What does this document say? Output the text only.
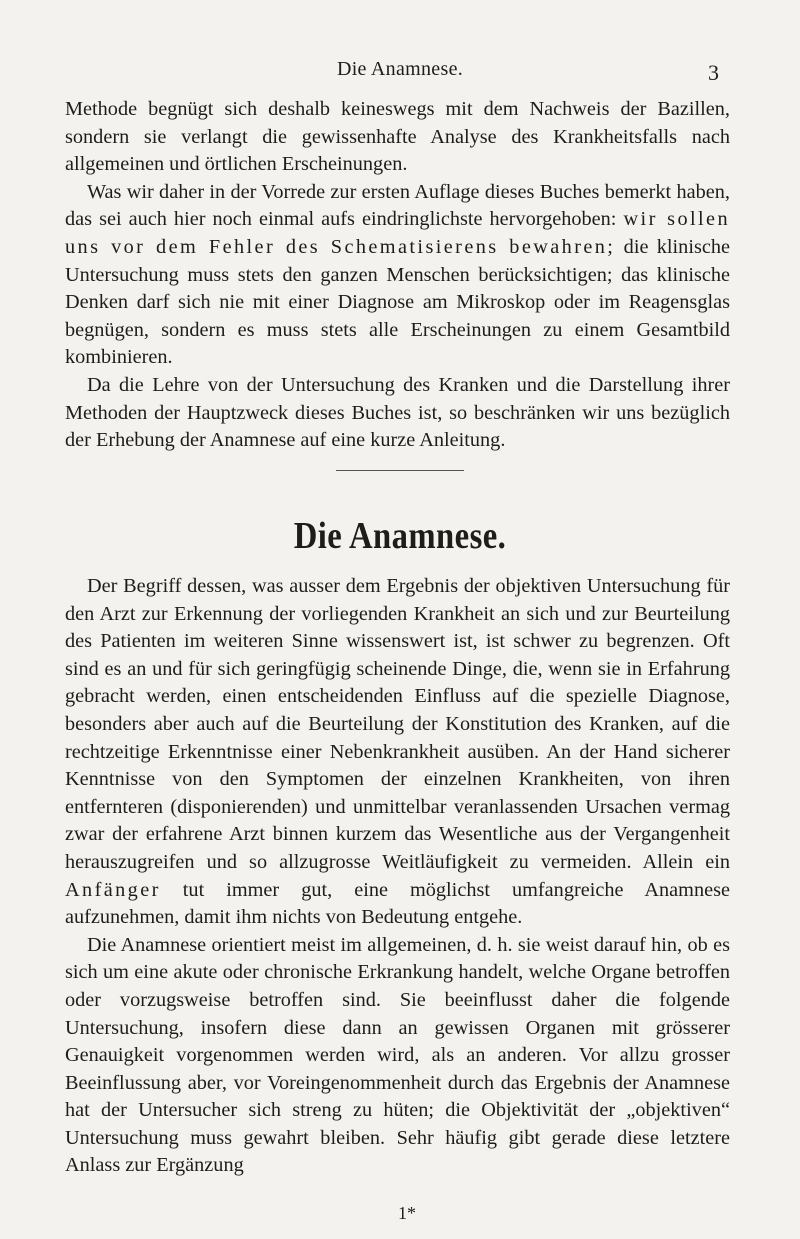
Die Anamnese.	3

Methode begnügt sich deshalb keineswegs mit dem Nachweis der Bazillen, sondern sie verlangt die gewissenhafte Analyse des Krankheitsfalls nach allgemeinen und örtlichen Erscheinungen.

Was wir daher in der Vorrede zur ersten Auflage dieses Buches bemerkt haben, das sei auch hier noch einmal aufs eindringlichste hervorgehoben: wir sollen uns vor dem Fehler des Schematisierens bewahren; die klinische Untersuchung muss stets den ganzen Menschen berücksichtigen; das klinische Denken darf sich nie mit einer Diagnose am Mikroskop oder im Reagensglas begnügen, sondern es muss stets alle Erscheinungen zu einem Gesamtbild kombinieren.

Da die Lehre von der Untersuchung des Kranken und die Darstellung ihrer Methoden der Hauptzweck dieses Buches ist, so beschränken wir uns bezüglich der Erhebung der Anamnese auf eine kurze Anleitung.

Die Anamnese.

Der Begriff dessen, was ausser dem Ergebnis der objektiven Untersuchung für den Arzt zur Erkennung der vorliegenden Krankheit an sich und zur Beurteilung des Patienten im weiteren Sinne wissenswert ist, ist schwer zu begrenzen. Oft sind es an und für sich geringfügig scheinende Dinge, die, wenn sie in Erfahrung gebracht werden, einen entscheidenden Einfluss auf die spezielle Diagnose, besonders aber auch auf die Beurteilung der Konstitution des Kranken, auf die rechtzeitige Erkenntnisse einer Nebenkrankheit ausüben. An der Hand sicherer Kenntnisse von den Symptomen der einzelnen Krankheiten, von ihren entfernteren (disponierenden) und unmittelbar veranlassenden Ursachen vermag zwar der erfahrene Arzt binnen kurzem das Wesentliche aus der Vergangenheit herauszugreifen und so allzugrosse Weitläufigkeit zu vermeiden. Allein ein Anfänger tut immer gut, eine möglichst umfangreiche Anamnese aufzunehmen, damit ihm nichts von Bedeutung entgehe.

Die Anamnese orientiert meist im allgemeinen, d. h. sie weist darauf hin, ob es sich um eine akute oder chronische Erkrankung handelt, welche Organe betroffen oder vorzugsweise betroffen sind. Sie beeinflusst daher die folgende Untersuchung, insofern diese dann an gewissen Organen mit grösserer Genauigkeit vorgenommen werden wird, als an anderen. Vor allzu grosser Beeinflussung aber, vor Voreingenommenheit durch das Ergebnis der Anamnese hat der Untersucher sich streng zu hüten; die Objektivität der „objektiven“ Untersuchung muss gewahrt bleiben. Sehr häufig gibt gerade diese letztere Anlass zur Ergänzung

1*
